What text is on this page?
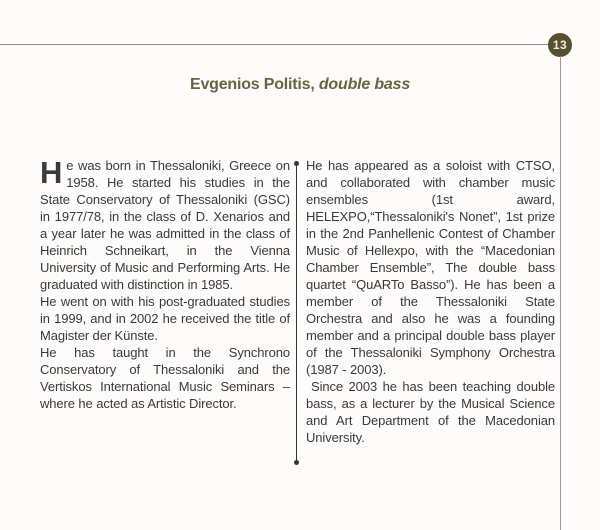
13
Evgenios Politis, double bass

He was born in Thessaloniki, Greece on 1958. He started his studies in the State Conservatory of Thessaloniki (GSC) in 1977/78, in the class of D. Xenarios and a year later he was admitted in the class of Heinrich Schneikart, in the Vienna University of Music and Performing Arts. He graduated with distinction in 1985.

He went on with his post-graduated studies in 1999, and in 2002 he received the title of Magister der Künste.

He has taught in the Synchrono Conservatory of Thessaloniki and the Vertiskos International Music Seminars – where he acted as Artistic Director.

He has appeared as a soloist with CTSO, and collaborated with chamber music ensembles (1st award, HELEXPO,“Thessaloniki's Nonet”, 1st prize in the 2nd Panhellenic Contest of Chamber Music of Hellexpo, with the “Macedonian Chamber Ensemble”, The double bass quartet “QuARTo Basso”). He has been a member of the Thessaloniki State Orchestra and also he was a founding member and a principal double bass player of the Thessaloniki Symphony Orchestra (1987 - 2003).

Since 2003 he has been teaching double bass, as a lecturer by the Musical Science and Art Department of the Macedonian University.
